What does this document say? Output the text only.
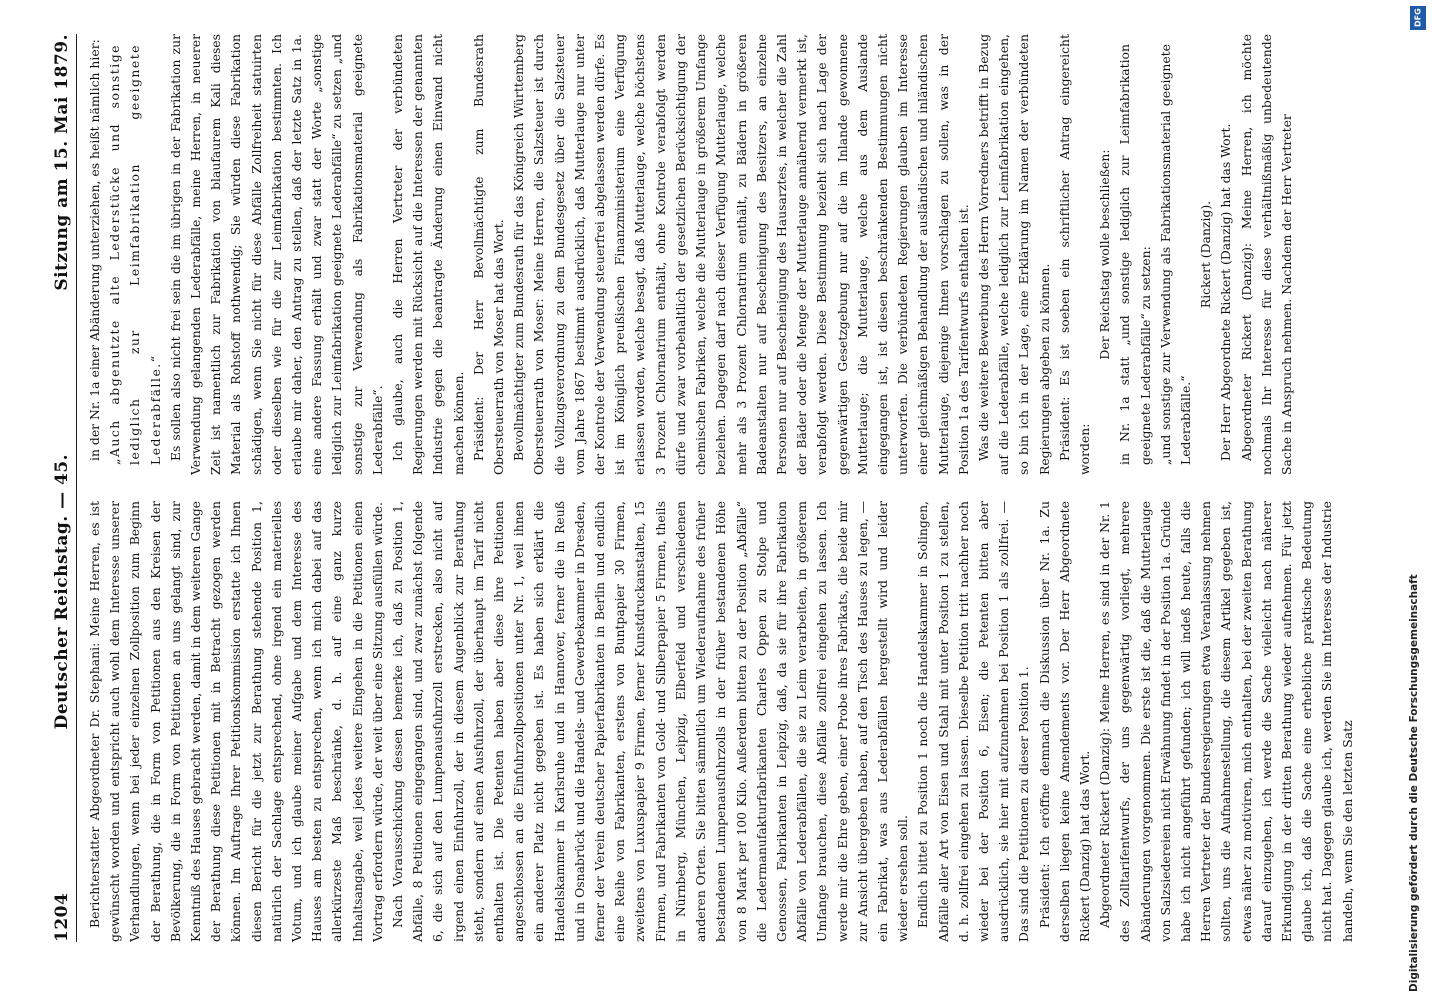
1204
Deutscher Reichstag. — 45.
Sitzung am 15. Mai 1879.

Berichterstatter Abgeordneter Dr. Stephani: Meine Herren, es ist gewünscht worden und entspricht auch wohl dem Interesse unserer Verhandlungen, wenn bei jeder einzelnen Zollposition zum Beginn der Berathung, die in Form von Petitionen aus den Kreisen der Bevölkerung, die in Form von Petitionen an uns gelangt sind, zur Kenntniß des Hauses gebracht werden, damit in dem weiteren Gange der Berathung diese Petitionen mit in Betracht gezogen werden können. Im Auftrage Ihrer Petitionskommission erstatte ich Ihnen diesen Bericht für die jetzt zur Berathung stehende Position 1, natürlich der Sachlage entsprechend, ohne irgend ein materielles Votum, und ich glaube meiner Aufgabe und dem Interesse des Hauses am besten zu entsprechen, wenn ich mich dabei auf das allerkürzeste Maß beschränke, d. h. auf eine ganz kurze Inhaltsangabe, weil jedes weitere Eingehen in die Petitionen einen Vortrag erfordern würde, der weit über eine Sitzung ausfüllen würde. Nach Vorausschickung dessen bemerke ich, daß zu Position 1, Abfälle, 8 Petitionen eingegangen sind, und zwar zunächst folgende 6, die sich auf den Lumpenausfuhrzoll erstrecken, also nicht auf irgend einen Einfuhrzoll, der in diesem Augenblick zur Berathung steht, sondern auf einen Ausfuhrzoll, der überhaupt im Tarif nicht enthalten ist. Die Petenten haben aber diese ihre Petitionen angeschlossen an die Einfuhrzollpositionen unter Nr. 1, weil ihnen ein anderer Platz nicht gegeben ist. Es haben sich erklärt die Handelskammer in Karlsruhe und in Hannover, ferner die in Reuß und in Osnabrück und die Handels- und Gewerbekammer in Dresden, ferner der Verein deutscher Papierfabrikanten in Berlin und endlich eine Reihe von Fabrikanten, erstens von Buntpapier 30 Firmen, zweitens von Luxuspapier 9 Firmen, ferner Kunstdruckanstalten, 15 Firmen, und Fabrikanten von Gold- und Silberpapier 5 Firmen, theils in Nürnberg, München, Leipzig, Elberfeld und verschiedenen anderen Orten. Sie bitten sämmtlich um Wiederaufnahme des früher bestandenen Lumpenausfuhrzolls in der früher bestandenen Höhe von 8 Mark per 100 Kilo. Außerdem bitten zu der Position „Abfälle“ die Ledermanufakturfabrikanten Charles Oppen zu Stolpe und Genossen, Fabrikanten in Leipzig, daß, da sie für ihre Fabrikation Abfälle von Lederabfällen, die sie zu Leim verarbeiten, in größerem Umfange brauchen, diese Abfälle zollfrei eingehen zu lassen. Ich werde mir die Ehre geben, einer Probe ihres Fabrikats, die beide mir zur Ansicht übergeben haben, auf den Tisch des Hauses zu legen, — ein Fabrikat, was aus Lederabfällen hergestellt wird und leider wieder ersehen soll. Endlich bittet zu Position 1 noch die Handelskammer in Solingen, Abfälle aller Art von Eisen und Stahl mit unter Position 1 zu stellen, d. h. zollfrei eingehen zu lassen. Dieselbe Petition tritt nachher noch wieder bei der Position 6, Eisen; die Petenten bitten aber ausdrücklich, sie hier mit aufzunehmen bei Position 1 als zollfrei. — Das sind die Petitionen zu dieser Position 1. Präsident: Ich eröffne demnach die Diskussion über Nr. 1a. Zu derselben liegen keine Amendements vor. Der Herr Abgeordnete Rickert (Danzig) hat das Wort. Abgeordneter Rickert (Danzig): Meine Herren, es sind in der Nr. 1 des Zolltarifentwurfs, der uns gegenwärtig vorliegt, mehrere Abänderungen vorgenommen. Die erste ist die, daß die Mutterlauge von Salzsiedereien nicht Erwähnung findet in der Position 1a. Gründe habe ich nicht angeführt gefunden; ich will indeß heute, falls die Herren Vertreter der Bundesregierungen etwa Veranlassung nehmen sollten, uns die Aufnahmestellung, die diesem Artikel gegeben ist, etwas näher zu motiviren, mich enthalten, bei der zweiten Berathung darauf einzugehen, ich werde die Sache vielleicht nach näherer Erkundigung in der dritten Berathung wieder aufnehmen. Für jetzt glaube ich, daß die Sache eine erhebliche praktische Bedeutung nicht hat. Dagegen glaube ich, werden Sie im Interesse der Industrie handeln, wenn Sie den letzten Satz

in der Nr. 1a einer Abänderung unterziehen, es heißt nämlich hier: „Auch abgenutzte alte Lederstücke und sonstige lediglich zur Leimfabrikation geeignete Lederabfälle.“ Es sollen also nicht frei sein die im übrigen in der Fabrikation zur Verwendung gelangenden Lederabfälle, meine Herren, in neuerer Zeit ist namentlich zur Fabrikation von blaufaurem Kali dieses Material als Rohstoff nothwendig; Sie würden diese Fabrikation schädigen, wenn Sie nicht für diese Abfälle Zollfreiheit statuirten oder dieselben wie für die zur Leimfabrikation bestimmten. Ich erlaube mir daher, den Antrag zu stellen, daß der letzte Satz in 1a. eine andere Fassung erhält und zwar statt der Worte „sonstige lediglich zur Leimfabrikation geeignete Lederabfälle“ zu setzen „und sonstige zur Verwendung als Fabrikationsmaterial geeignete Lederabfälle“. Ich glaube, auch die Herren Vertreter der verbündeten Regierungen werden mit Rücksicht auf die Interessen der genannten Industrie gegen die beantragte Änderung einen Einwand nicht machen können. Präsident: Der Herr Bevollmächtigte zum Bundesrath Obersteuerrath von Moser hat das Wort. Bevollmächtigter zum Bundesrath für das Königreich Württemberg Obersteuerrath von Moser: Meine Herren, die Salzsteuer ist durch die Vollzugsverordnung zu dem Bundesgesetz über die Salzsteuer vom Jahre 1867 bestimmt ausdrücklich, daß Mutterlauge nur unter der Kontrole der Verwendung steuerfrei abgelassen werden dürfe. Es ist im Königlich preußischen Finanzministerium eine Verfügung erlassen worden, welche besagt, daß Mutterlauge, welche höchstens 3 Prozent Chlornatrium enthält, ohne Kontrole verabfolgt werden dürfe und zwar vorbehaltlich der gesetzlichen Berücksichtigung der chemischen Fabriken, welche die Mutterlauge in größerem Umfange beziehen. Dagegen darf nach dieser Verfügung Mutterlauge, welche mehr als 3 Prozent Chlornatrium enthält, zu Bädern in größeren Badeanstalten nur auf Bescheinigung des Besitzers, an einzelne Personen nur auf Bescheinigung des Hausarztes, in welcher die Zahl der Bäder oder die Menge der Mutterlauge annähernd vermerkt ist, verabfolgt werden. Diese Bestimmung bezieht sich nach Lage der gegenwärtigen Gesetzgebung nur auf die im Inlande gewonnene Mutterlauge; die Mutterlauge, welche aus dem Auslande eingegangen ist, ist diesen beschränkenden Bestimmungen nicht unterworfen. Die verbündeten Regierungen glauben im Interesse einer gleichmäßigen Behandlung der ausländischen und inländischen Mutterlauge, diejenige Ihnen vorschlagen zu sollen, was in der Position 1a des Tarifentwurfs enthalten ist. Was die weitere Bewerbung des Herrn Vorredners betrifft in Bezug auf die Lederabfälle, welche lediglich zur Leimfabrikation eingehen, so bin ich in der Lage, eine Erklärung im Namen der verbündeten Regierungen abgeben zu können. Präsident: Es ist soeben ein schriftlicher Antrag eingereicht worden:

Der Reichstag wolle beschließen: in Nr. 1a statt „und sonstige lediglich zur Leimfabrikation geeignete Lederabfälle“ zu setzen: „und sonstige zur Verwendung als Fabrikationsmaterial geeignete Lederabfälle.“

Rickert (Danzig). Der Herr Abgeordnete Rickert (Danzig) hat das Wort. Abgeordneter Rickert (Danzig): Meine Herren, ich möchte nochmals Ihr Interesse für diese verhältnißmäßig unbedeutende Sache in Anspruch nehmen. Nachdem der Herr Vertreter

Digitalisierung gefördert durch die Deutsche Forschungsgemeinschaft
DFG
